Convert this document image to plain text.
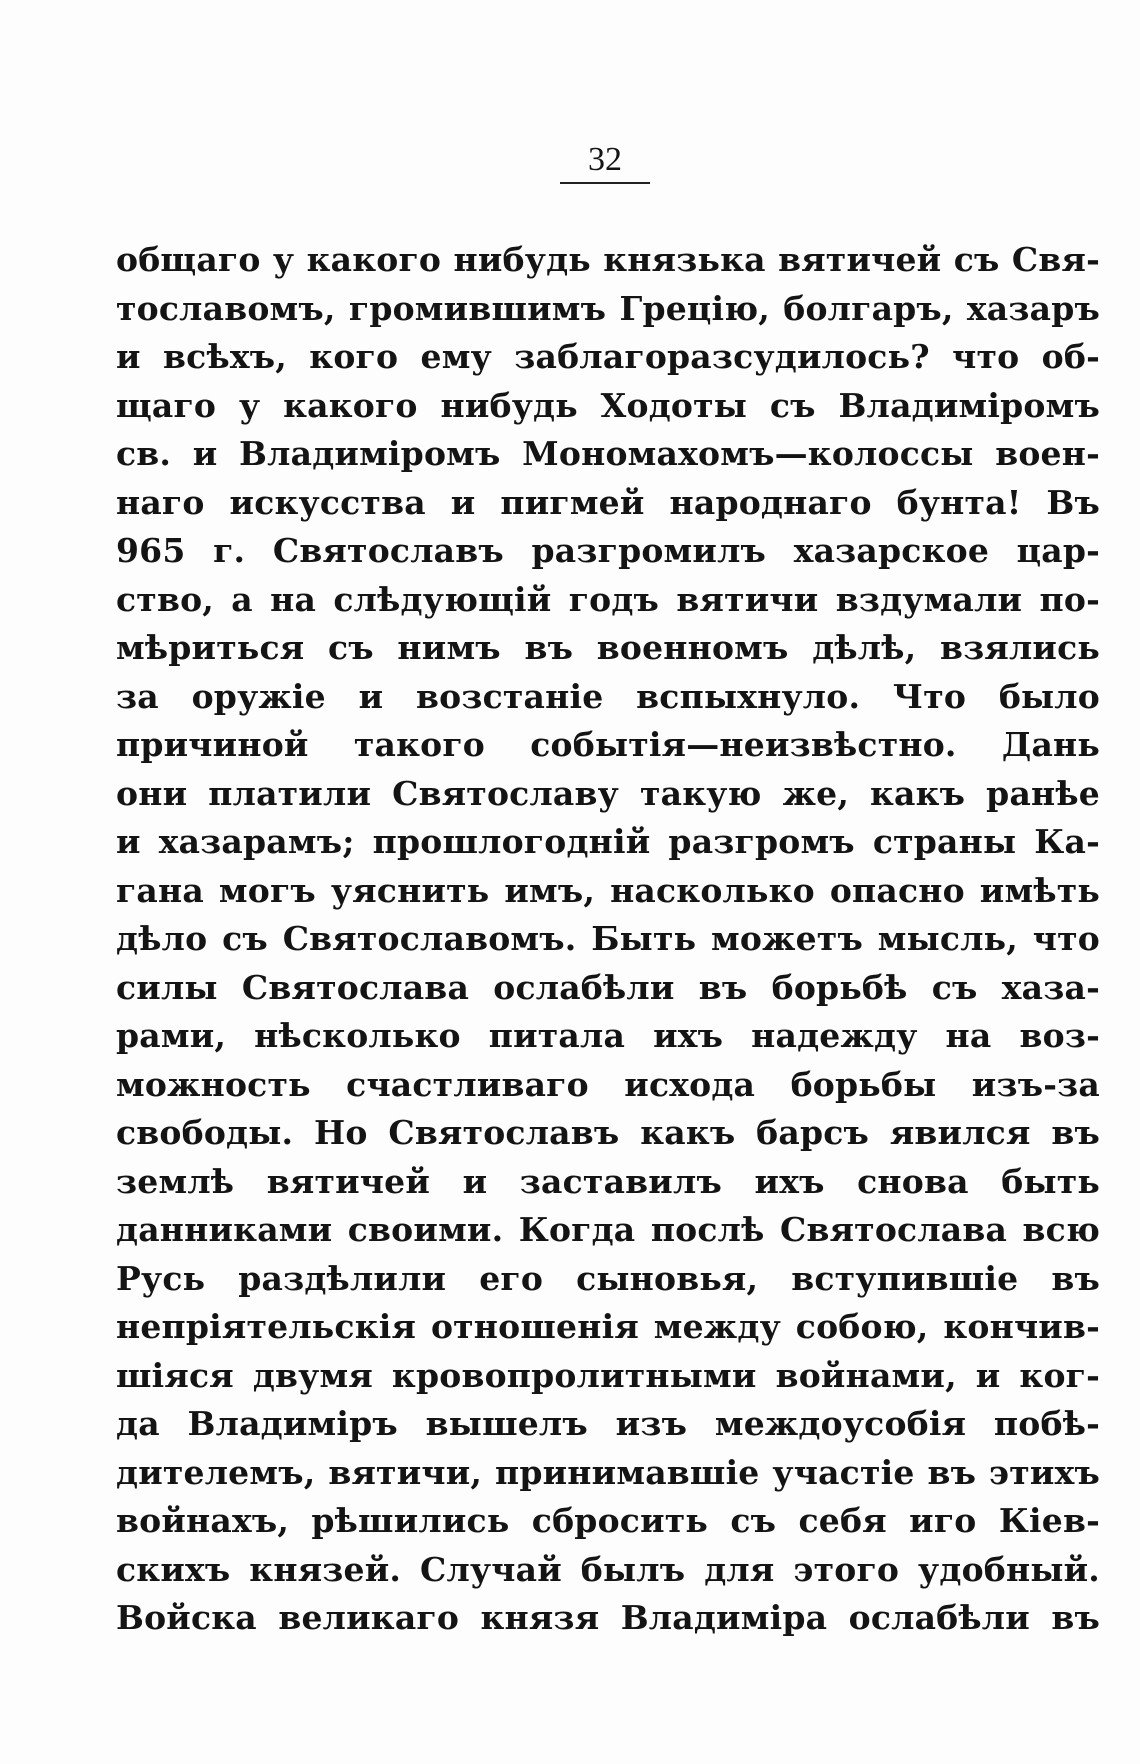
32
общаго у какого нибудь князька вятичей съ Свя-
тославомъ, громившимъ Грецію, болгаръ, хазаръ
и всѣхъ, кого ему заблагоразсудилось? что об-
щаго у какого нибудь Ходоты съ Владиміромъ
св. и Владиміромъ Мономахомъ—колоссы воен-
наго искусства и пигмей народнаго бунта! Въ
965 г. Святославъ разгромилъ хазарское цар-
ство, а на слѣдующій годъ вятичи вздумали по-
мѣриться съ нимъ въ военномъ дѣлѣ, взялись
за оружіе и возстаніе вспыхнуло. Что было
причиной такого событія—неизвѣстно. Дань
они платили Святославу такую же, какъ ранѣе
и хазарамъ; прошлогодній разгромъ страны Ка-
гана могъ уяснить имъ, насколько опасно имѣть
дѣло съ Святославомъ. Быть можетъ мысль, что
силы Святослава ослабѣли въ борьбѣ съ хаза-
рами, нѣсколько питала ихъ надежду на воз-
можность счастливаго исхода борьбы изъ-за
свободы. Но Святославъ какъ барсъ явился въ
землѣ вятичей и заставилъ ихъ снова быть
данниками своими. Когда послѣ Святослава всю
Русь раздѣлили его сыновья, вступившіе въ
непріятельскія отношенія между собою, кончив-
шіяся двумя кровопролитными войнами, и ког-
да Владиміръ вышелъ изъ междоусобія побѣ-
дителемъ, вятичи, принимавшіе участіе въ этихъ
войнахъ, рѣшились сбросить съ себя иго Кіев-
скихъ князей. Случай былъ для этого удобный.
Войска великаго князя Владиміра ослабѣли въ
